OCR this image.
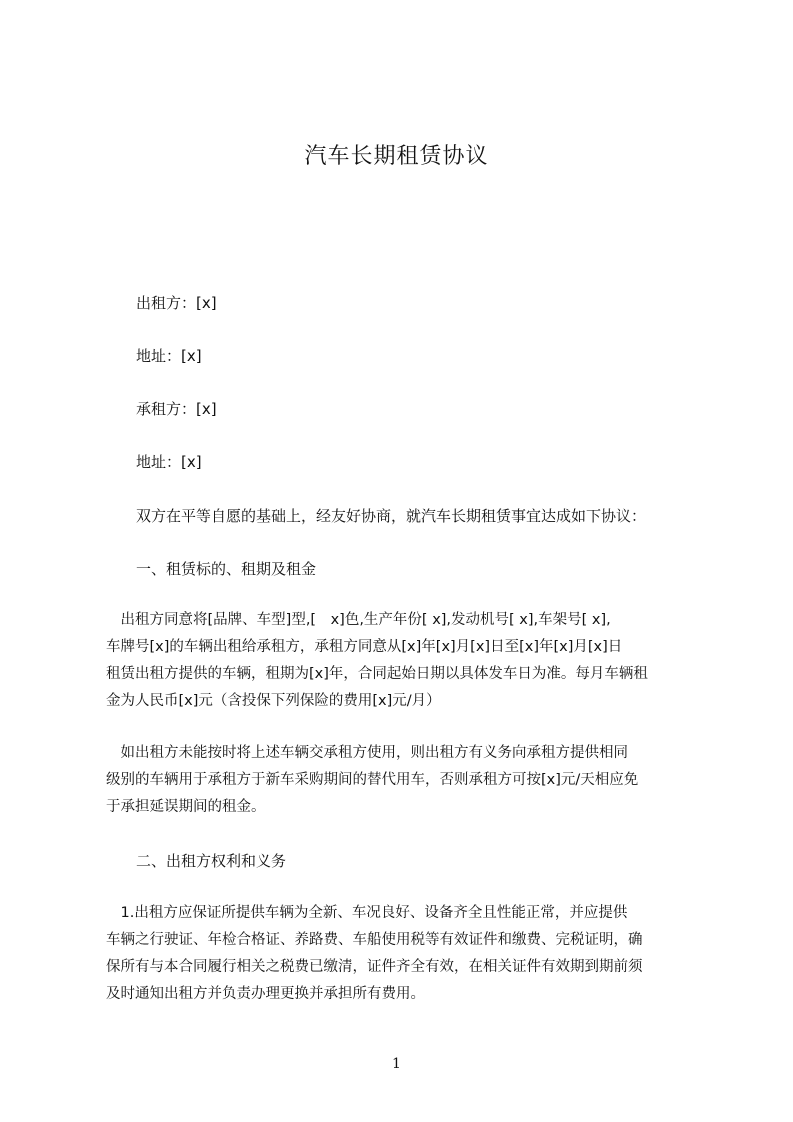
汽车长期租赁协议

出租方：[x]

地址：[x]

承租方：[x]

地址：[x]

双方在平等自愿的基础上，经友好协商，就汽车长期租赁事宜达成如下协议：

一、租赁标的、租期及租金

　出租方同意将[品牌、车型]型,[　x]色,生产年份[ x],发动机号[ x],车架号[ x],
车牌号[x]的车辆出租给承租方，承租方同意从[x]年[x]月[x]日至[x]年[x]月[x]日
租赁出租方提供的车辆，租期为[x]年，合同起始日期以具体发车日为准。每月车辆租
金为人民币[x]元（含投保下列保险的费用[x]元/月）
　如出租方未能按时将上述车辆交承租方使用，则出租方有义务向承租方提供相同
级别的车辆用于承租方于新车采购期间的替代用车，否则承租方可按[x]元/天相应免
于承担延误期间的租金。

二、出租方权利和义务

　1.出租方应保证所提供车辆为全新、车况良好、设备齐全且性能正常，并应提供
车辆之行驶证、年检合格证、养路费、车船使用税等有效证件和缴费、完税证明，确
保所有与本合同履行相关之税费已缴清，证件齐全有效，在相关证件有效期到期前须
及时通知出租方并负责办理更换并承担所有费用。
1
